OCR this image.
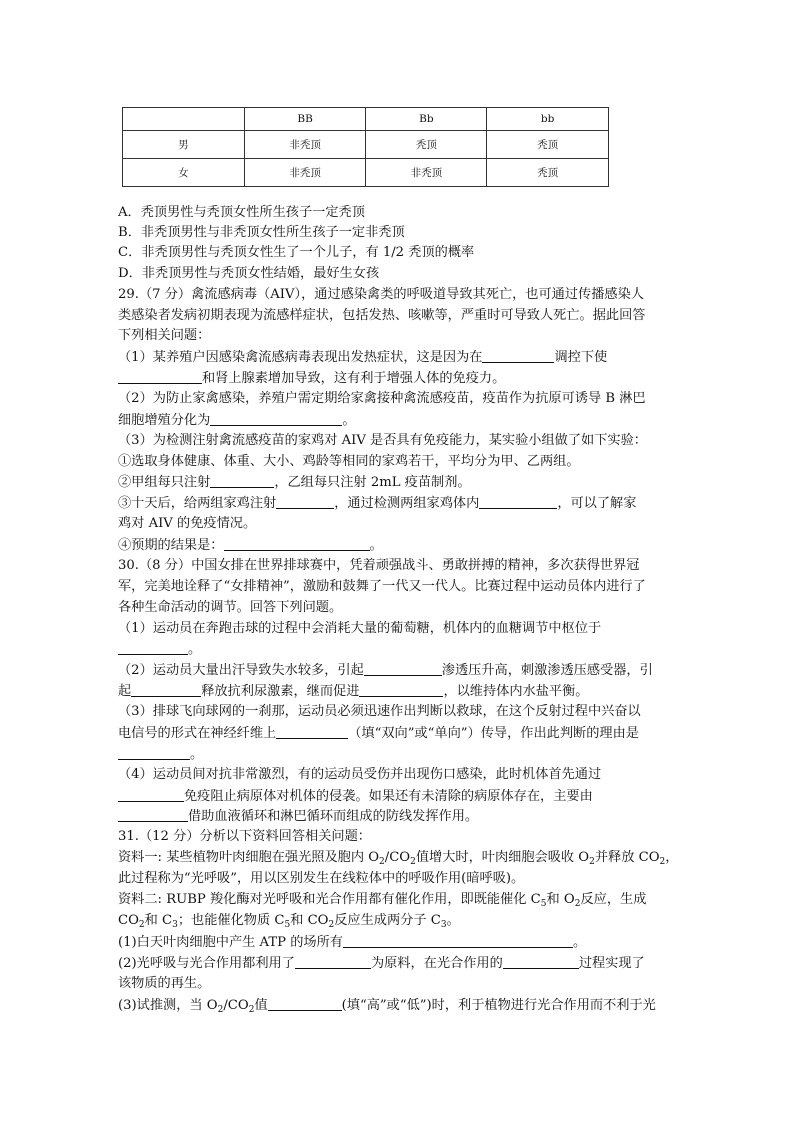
	BB	Bb	bb
男	非秃顶	秃顶	秃顶
女	非秃顶	非秃顶	秃顶
A．秃顶男性与秃顶女性所生孩子一定秃顶
B．非秃顶男性与非秃顶女性所生孩子一定非秃顶
C．非秃顶男性与秃顶女性生了一个儿子，有 1/2 秃顶的概率
D．非秃顶男性与秃顶女性结婚，最好生女孩
29.（7 分）禽流感病毒（AIV），通过感染禽类的呼吸道导致其死亡，也可通过传播感染人
类感染者发病初期表现为流感样症状，包括发热、咳嗽等，严重时可导致人死亡。据此回答
下列相关问题：
（1）某养殖户因感染禽流感病毒表现出发热症状，这是因为在	调控下使
和肾上腺素增加导致，这有利于增强人体的免疫力。
（2）为防止家禽感染，养殖户需定期给家禽接种禽流感疫苗，疫苗作为抗原可诱导 B 淋巴
细胞增殖分化为	。
（3）为检测注射禽流感疫苗的家鸡对 AIV 是否具有免疫能力，某实验小组做了如下实验：
①选取身体健康、体重、大小、鸡龄等相同的家鸡若干，平均分为甲、乙两组。
②甲组每只注射	，乙组每只注射 2mL 疫苗制剂。
③十天后，给两组家鸡注射	，通过检测两组家鸡体内	，可以了解家
鸡对 AIV 的免疫情况。
④预期的结果是：	。
30.（8 分）中国女排在世界排球赛中，凭着顽强战斗、勇敢拼搏的精神，多次获得世界冠
军，完美地诠释了“女排精神”，激励和鼓舞了一代又一代人。比赛过程中运动员体内进行了
各种生命活动的调节。回答下列问题。
（1）运动员在奔跑击球的过程中会消耗大量的葡萄糖，机体内的血糖调节中枢位于
。
（2）运动员大量出汗导致失水较多，引起	渗透压升高，刺激渗透压感受器，引
起	释放抗利尿激素，继而促进	，以维持体内水盐平衡。
（3）排球飞向球网的一刹那，运动员必须迅速作出判断以救球，在这个反射过程中兴奋以
电信号的形式在神经纤维上	（填“双向”或“单向”）传导，作出此判断的理由是
。
（4）运动员间对抗非常激烈，有的运动员受伤并出现伤口感染，此时机体首先通过
免疫阻止病原体对机体的侵袭。如果还有未清除的病原体存在，主要由
借助血液循环和淋巴循环而组成的防线发挥作用。
31.（12 分）分析以下资料回答相关问题：
资料一: 某些植物叶肉细胞在强光照及胞内 $O_2/CO_2$值增大时，叶肉细胞会吸收 $O_2$并释放 $CO_2$，
此过程称为“光呼吸”，用以区别发生在线粒体中的呼吸作用(暗呼吸)。
资料二: RUBP 羧化酶对光呼吸和光合作用都有催化作用，即既能催化 $C_5$和 $O_2$反应，生成
$CO_2$和 $C_3$；也能催化物质 $C_5$和 $CO_2$反应生成两分子 $C_3$。
(1)白天叶肉细胞中产生 ATP 的场所有	。
(2)光呼吸与光合作用都利用了	为原料，在光合作用的	过程实现了
该物质的再生。
(3)试推测，当 $O_2/CO_2$值	(填“高”或“低”)时，利于植物进行光合作用而不利于光
